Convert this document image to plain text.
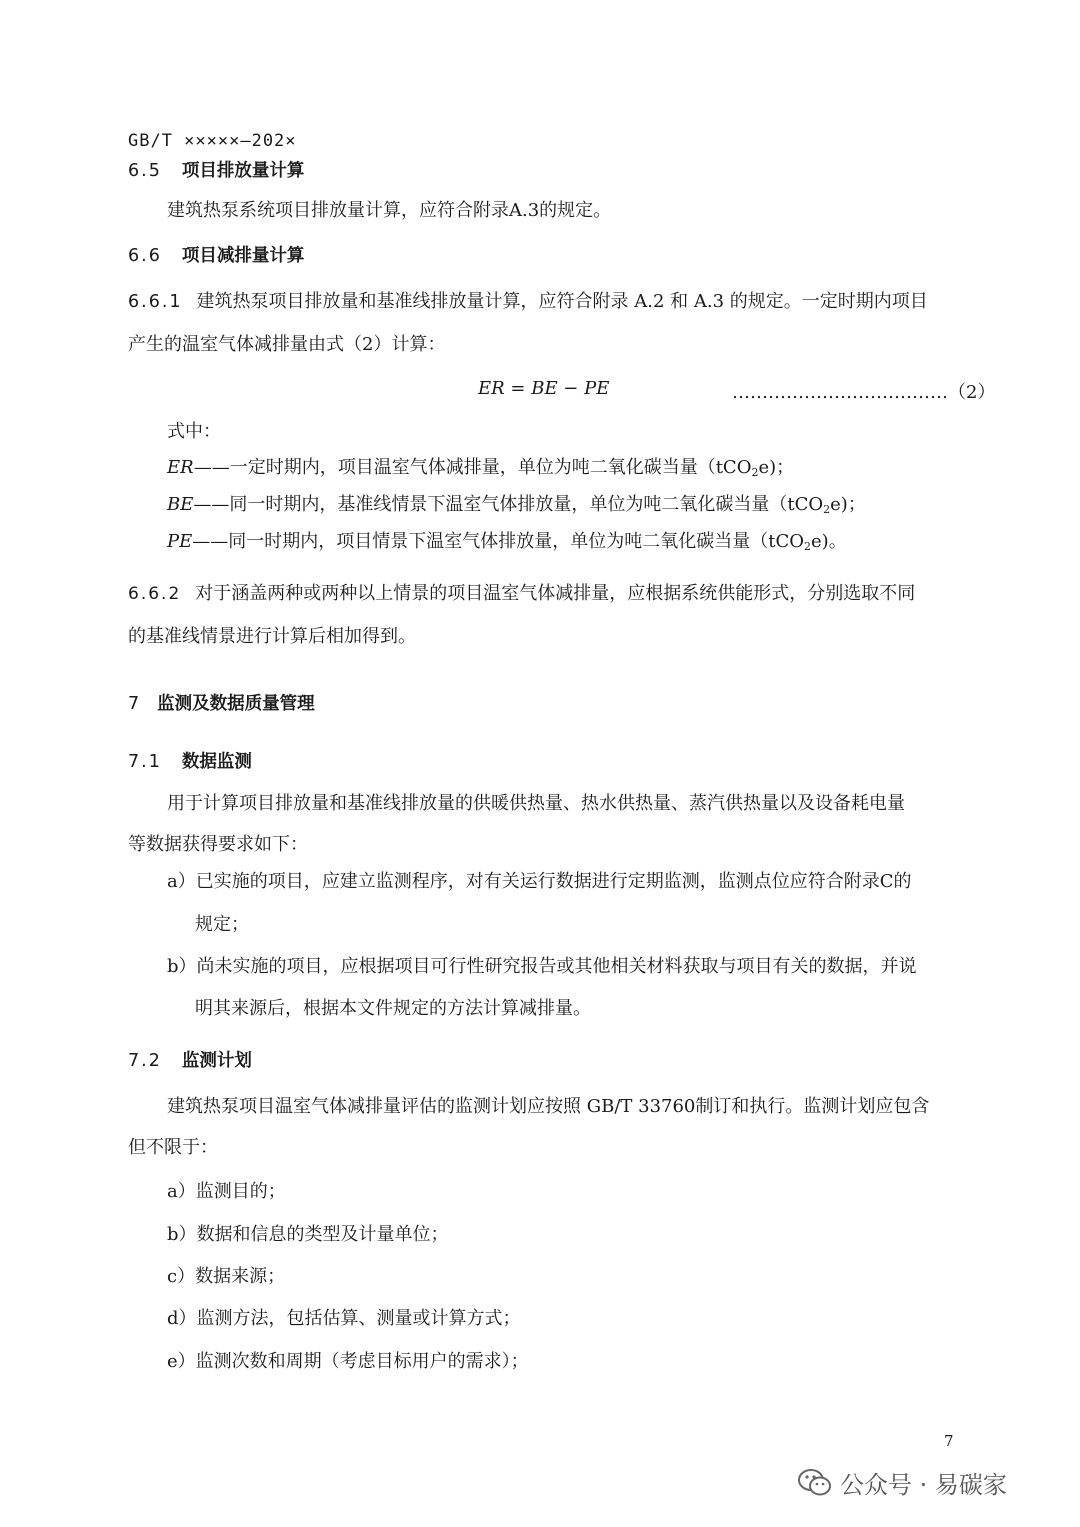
GB/T ×××××—202×
6.5 项目排放量计算
建筑热泵系统项目排放量计算，应符合附录A.3的规定。
6.6 项目减排量计算
6.6.1 建筑热泵项目排放量和基准线排放量计算，应符合附录 A.2 和 A.3 的规定。一定时期内项目
产生的温室气体减排量由式（2）计算：
ER = BE − PE	………………………………（2）
式中：
ER——一定时期内，项目温室气体减排量，单位为吨二氧化碳当量（tCO$_2$e)；
BE——同一时期内，基准线情景下温室气体排放量，单位为吨二氧化碳当量（tCO$_2$e)；
PE——同一时期内，项目情景下温室气体排放量，单位为吨二氧化碳当量（tCO$_2$e)。
6.6.2 对于涵盖两种或两种以上情景的项目温室气体减排量，应根据系统供能形式，分别选取不同
的基准线情景进行计算后相加得到。
7 监测及数据质量管理
7.1 数据监测
用于计算项目排放量和基准线排放量的供暖供热量、热水供热量、蒸汽供热量以及设备耗电量
等数据获得要求如下：
a）已实施的项目，应建立监测程序，对有关运行数据进行定期监测，监测点位应符合附录C的
规定；
b）尚未实施的项目，应根据项目可行性研究报告或其他相关材料获取与项目有关的数据，并说
明其来源后，根据本文件规定的方法计算减排量。
7.2 监测计划
建筑热泵项目温室气体减排量评估的监测计划应按照 GB/T 33760制订和执行。监测计划应包含
但不限于：
a）监测目的；
b）数据和信息的类型及计量单位；
c）数据来源；
d）监测方法，包括估算、测量或计算方式；
e）监测次数和周期（考虑目标用户的需求）；
7
公众号 · 易碳家
